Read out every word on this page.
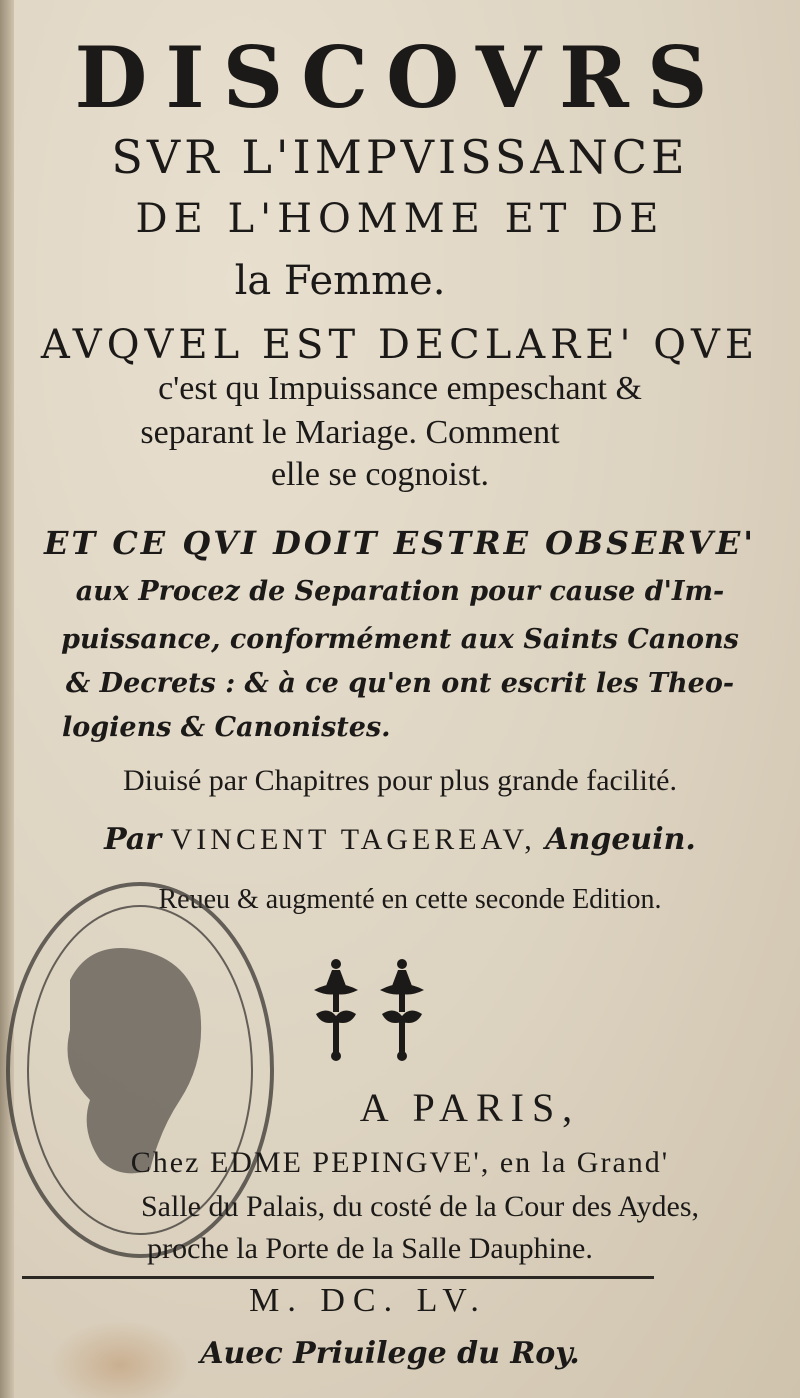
DISCOVRS
SVR L'IMPVISSANCE
DE L'HOMME ET DE
la Femme.
AVQVEL EST DECLARE' QVE
c'est qu Impuissance empeschant &
separant le Mariage. Comment
elle se cognoist.
ET CE QVI DOIT ESTRE OBSERVE'
aux Procez de Separation pour cause d'Im-
puissance, conformément aux Saints Canons
& Decrets : & à ce qu'en ont escrit les Theo-
logiens & Canonistes.
Diuisé par Chapitres pour plus grande facilité.
Par VINCENT TAGEREAV, Angeuin.
Reueu & augmenté en cette seconde Edition.
A PARIS,
Chez EDME PEPINGVE', en la Grand'
Salle du Palais, du costé de la Cour des Aydes,
proche la Porte de la Salle Dauphine.
M. DC. LV.
Auec Priuilege du Roy.
